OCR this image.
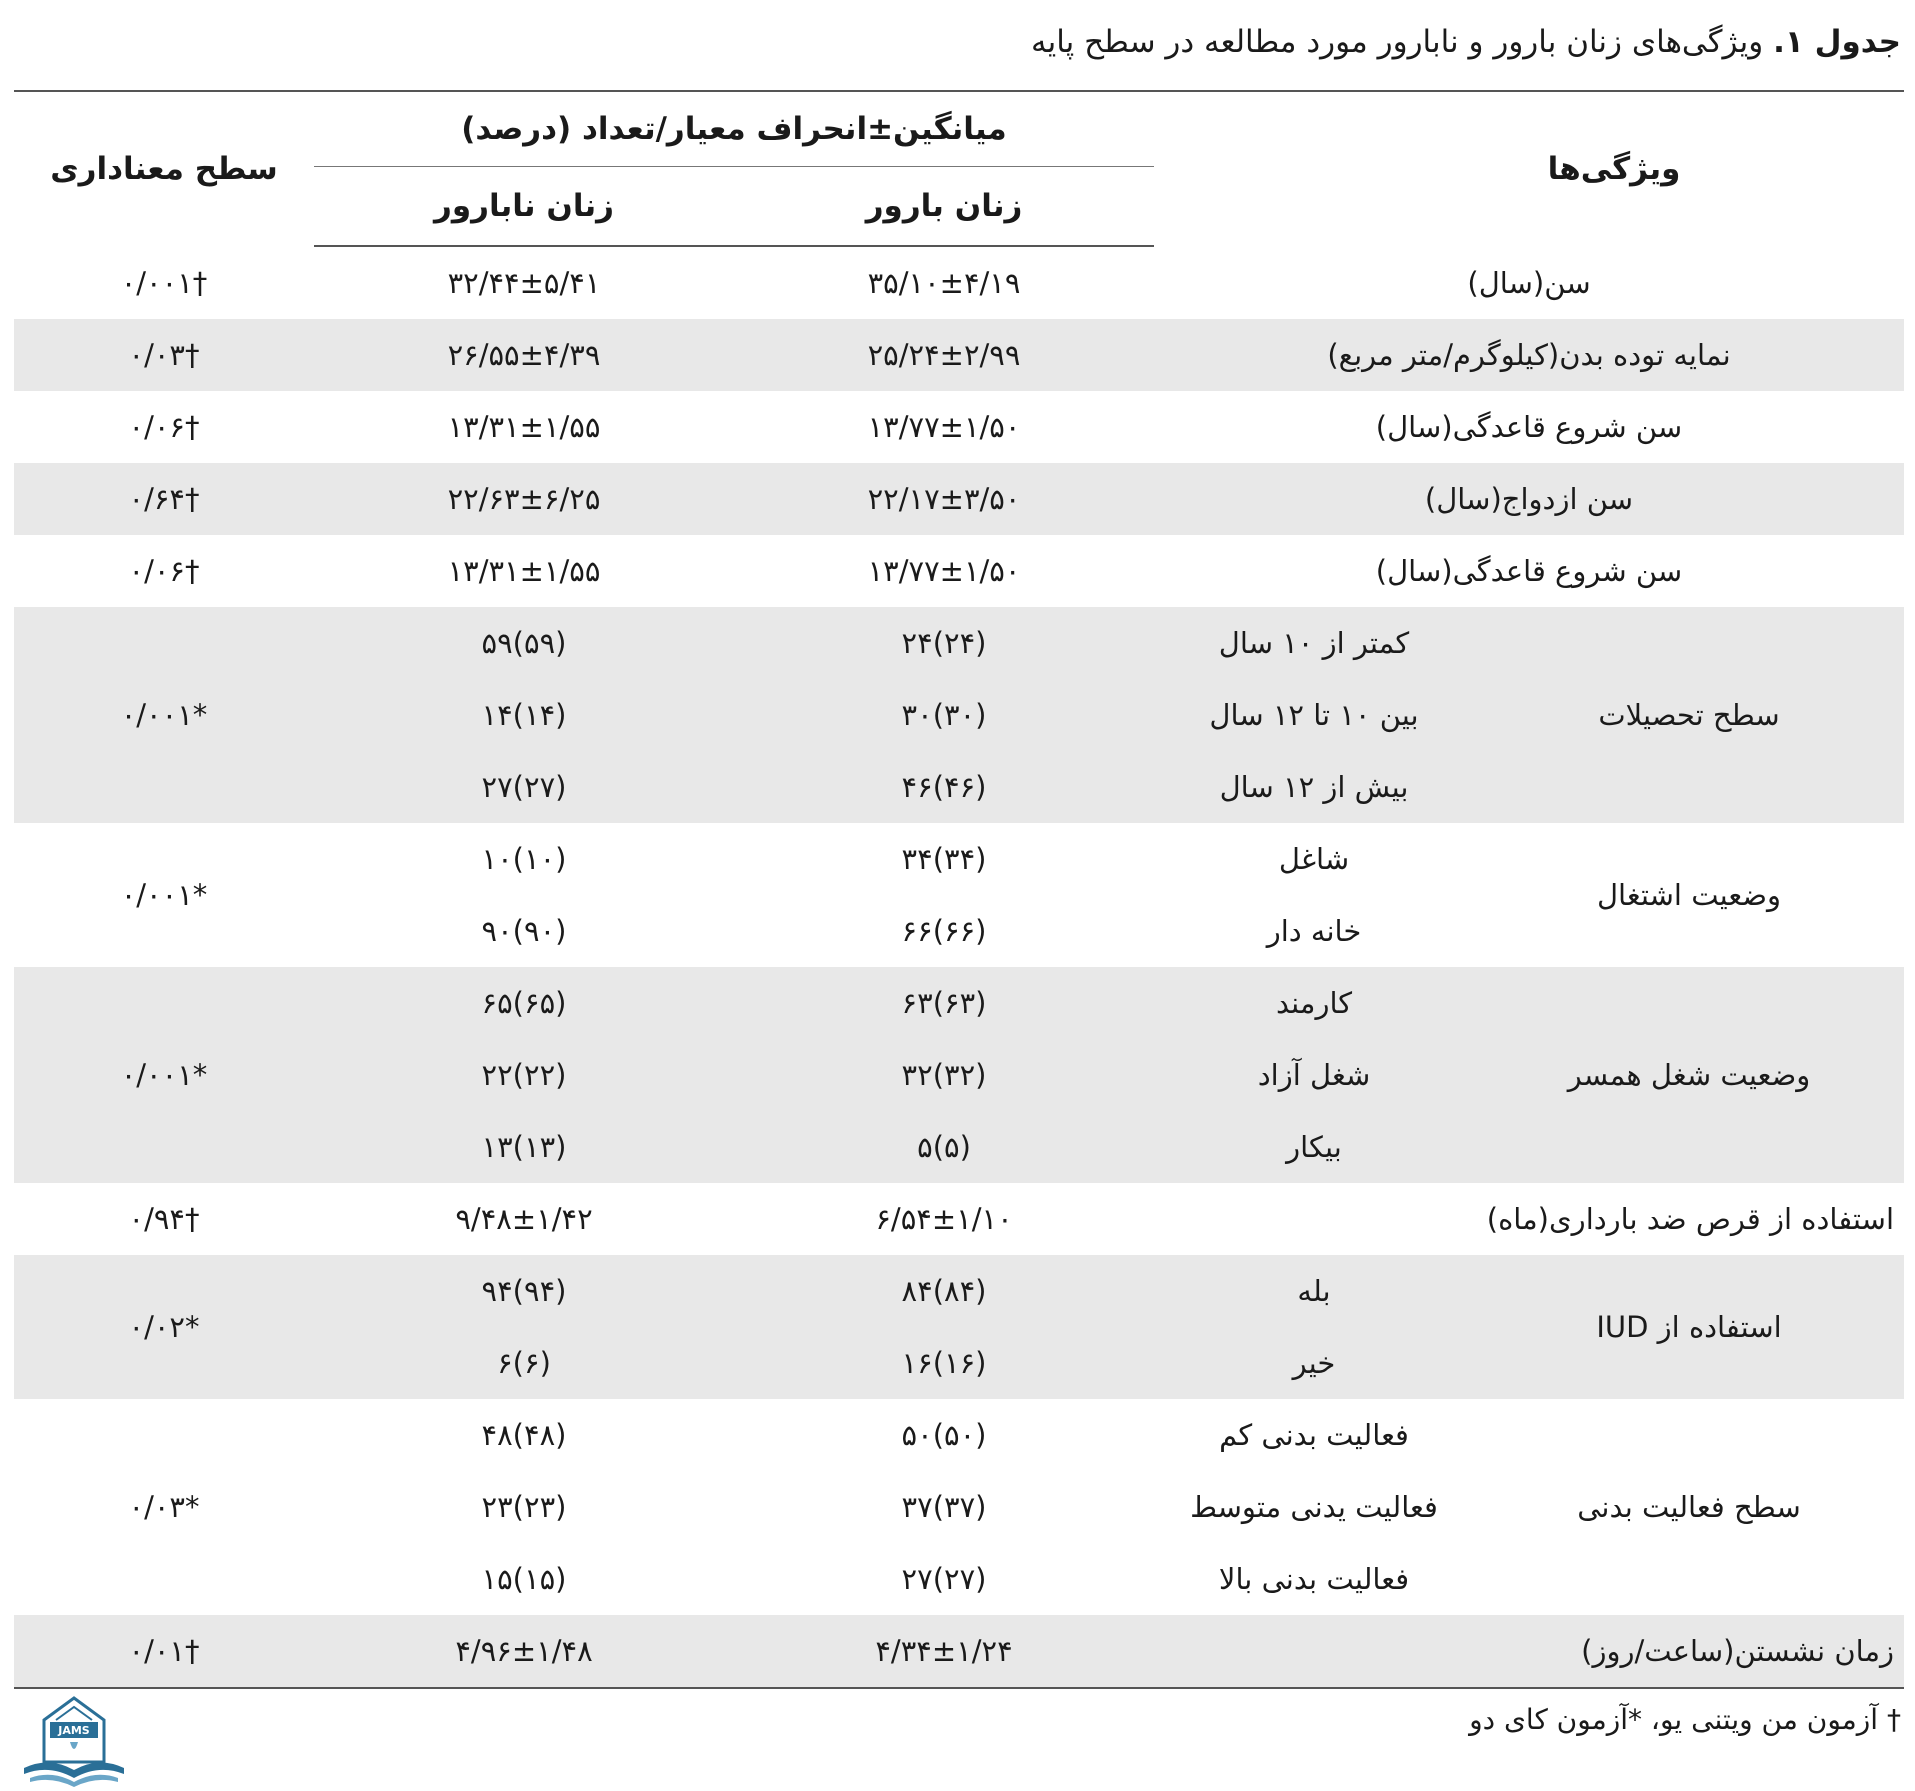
جدول ۱. ویژگی‌های زنان بارور و نابارور مورد مطالعه در سطح پایه
ویژگی‌ها		میانگین±انحراف معیار/تعداد (درصد)		سطح معناداری
		زنان بارور	زنان نابارور	
سن(سال)		۳۵/۱۰±۴/۱۹	۳۲/۴۴±۵/۴۱	۰/۰۰۱†
نمایه توده بدن(کیلوگرم/متر مربع)		۲۵/۲۴±۲/۹۹	۲۶/۵۵±۴/۳۹	۰/۰۳†
سن شروع قاعدگی(سال)		۱۳/۷۷±۱/۵۰	۱۳/۳۱±۱/۵۵	۰/۰۶†
سن ازدواج(سال)		۲۲/۱۷±۳/۵۰	۲۲/۶۳±۶/۲۵	۰/۶۴†
سن شروع قاعدگی(سال)		۱۳/۷۷±۱/۵۰	۱۳/۳۱±۱/۵۵	۰/۰۶†
سطح تحصیلات	کمتر از ۱۰ سال	۲۴(۲۴)	۵۹(۵۹)	۰/۰۰۱*
	بین ۱۰ تا ۱۲ سال	۳۰(۳۰)	۱۴(۱۴)	
	بیش از ۱۲ سال	۴۶(۴۶)	۲۷(۲۷)	
وضعیت اشتغال	شاغل	۳۴(۳۴)	۱۰(۱۰)	۰/۰۰۱*
	خانه دار	۶۶(۶۶)	۹۰(۹۰)	
وضعیت شغل همسر	کارمند	۶۳(۶۳)	۶۵(۶۵)	۰/۰۰۱*
	شغل آزاد	۳۲(۳۲)	۲۲(۲۲)	
	بیکار	۵(۵)	۱۳(۱۳)	
استفاده از قرص ضد بارداری(ماه)		۶/۵۴±۱/۱۰	۹/۴۸±۱/۴۲	۰/۹۴†
استفاده از IUD	بله	۸۴(۸۴)	۹۴(۹۴)	۰/۰۲*
	خیر	۱۶(۱۶)	۶(۶)	
سطح فعالیت بدنی	فعالیت بدنی کم	۵۰(۵۰)	۴۸(۴۸)	۰/۰۳*
	فعالیت یدنی متوسط	۳۷(۳۷)	۲۳(۲۳)	
	فعالیت بدنی بالا	۲۷(۲۷)	۱۵(۱۵)	
زمان نشستن(ساعت/روز)		۴/۳۴±۱/۲۴	۴/۹۶±۱/۴۸	۰/۰۱†
† آزمون من ویتنی یو، *آزمون کای دو
JAMS
